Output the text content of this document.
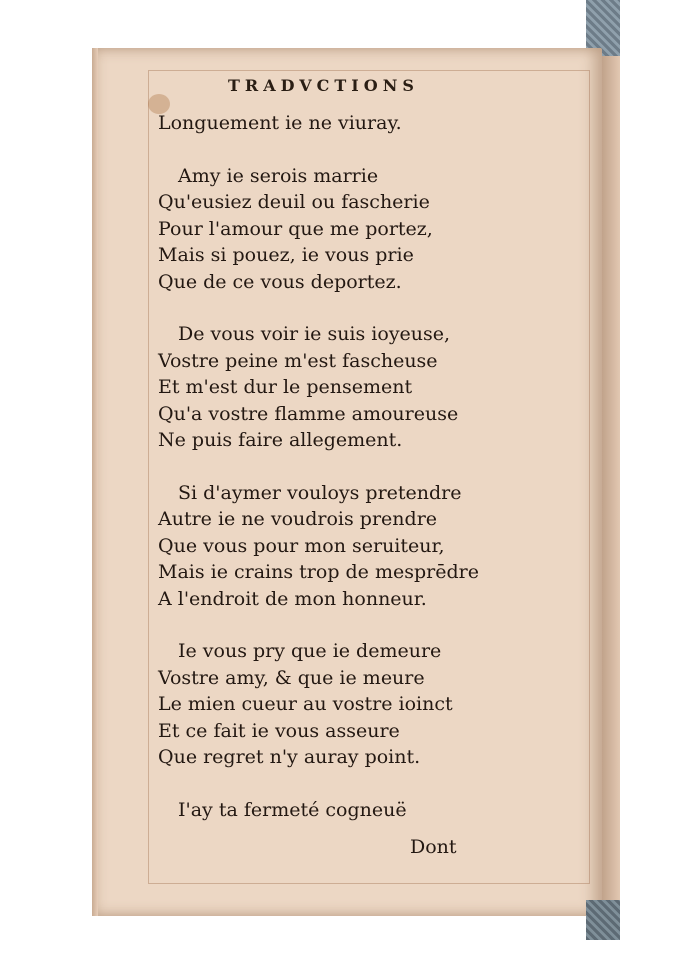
TRADVCTIONS
Longuement ie ne viuray.
Amy ie serois marrie
Qu'eusiez deuil ou fascherie
Pour l'amour que me portez,
Mais si pouez, ie vous prie
Que de ce vous deportez.
De vous voir ie suis ioyeuse,
Vostre peine m'est fascheuse
Et m'est dur le pensement
Qu'a vostre flamme amoureuse
Ne puis faire allegement.
Si d'aymer vouloys pretendre
Autre ie ne voudrois prendre
Que vous pour mon seruiteur,
Mais ie crains trop de mesprēdre
A l'endroit de mon honneur.
Ie vous pry que ie demeure
Vostre amy, & que ie meure
Le mien cueur au vostre ioinct
Et ce fait ie vous asseure
Que regret n'y auray point.
I'ay ta fermeté cogneuë
Dont
